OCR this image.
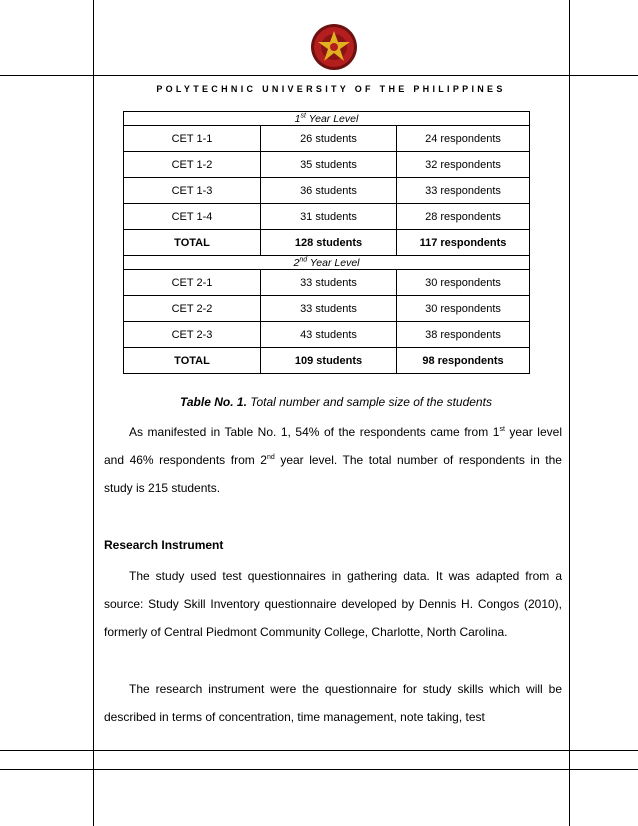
POLYTECHNIC UNIVERSITY OF THE PHILIPPINES
1st Year Level		
CET 1-1	26 students	24 respondents
CET 1-2	35 students	32 respondents
CET 1-3	36 students	33 respondents
CET 1-4	31 students	28 respondents
TOTAL	128 students	117 respondents
2nd Year Level		
CET 2-1	33 students	30 respondents
CET 2-2	33 students	30 respondents
CET 2-3	43 students	38 respondents
TOTAL	109 students	98 respondents
Table No. 1. Total number and sample size of the students

As manifested in Table No. 1, 54% of the respondents came from 1st year level and 46% respondents from 2nd year level. The total number of respondents in the study is 215 students.

Research Instrument

The study used test questionnaires in gathering data. It was adapted from a source: Study Skill Inventory questionnaire developed by Dennis H. Congos (2010), formerly of Central Piedmont Community College, Charlotte, North Carolina.

The research instrument were the questionnaire for study skills which will be described in terms of concentration, time management, note taking, test
